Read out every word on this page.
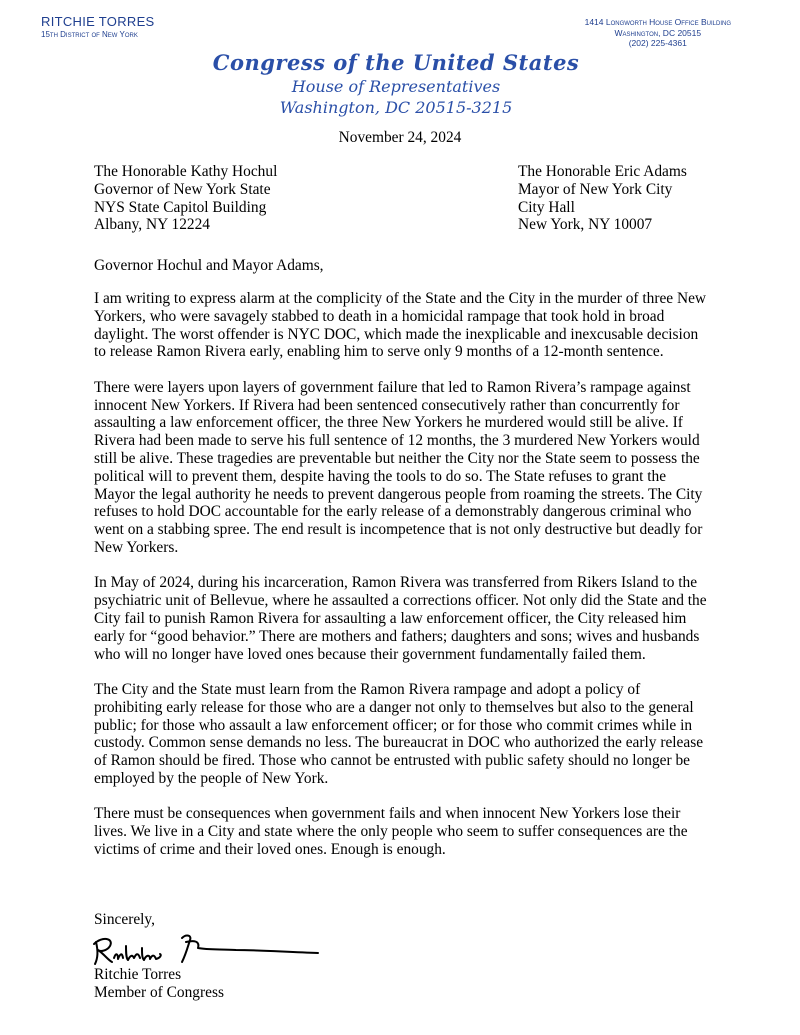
RITCHIE TORRES
15th District of New York
1414 Longworth House Office Building
Washington, DC 20515
(202) 225-4361
Congress of the United States
House of Representatives
Washington, DC 20515-3215
November 24, 2024
The Honorable Kathy Hochul
Governor of New York State
NYS State Capitol Building
Albany, NY 12224
The Honorable Eric Adams
Mayor of New York City
City Hall
New York, NY 10007
Governor Hochul and Mayor Adams,

I am writing to express alarm at the complicity of the State and the City in the murder of three New Yorkers, who were savagely stabbed to death in a homicidal rampage that took hold in broad daylight. The worst offender is NYC DOC, which made the inexplicable and inexcusable decision to release Ramon Rivera early, enabling him to serve only 9 months of a 12-month sentence.

There were layers upon layers of government failure that led to Ramon Rivera’s rampage against innocent New Yorkers. If Rivera had been sentenced consecutively rather than concurrently for assaulting a law enforcement officer, the three New Yorkers he murdered would still be alive. If Rivera had been made to serve his full sentence of 12 months, the 3 murdered New Yorkers would still be alive. These tragedies are preventable but neither the City nor the State seem to possess the political will to prevent them, despite having the tools to do so. The State refuses to grant the Mayor the legal authority he needs to prevent dangerous people from roaming the streets. The City refuses to hold DOC accountable for the early release of a demonstrably dangerous criminal who went on a stabbing spree. The end result is incompetence that is not only destructive but deadly for New Yorkers.

In May of 2024, during his incarceration, Ramon Rivera was transferred from Rikers Island to the psychiatric unit of Bellevue, where he assaulted a corrections officer. Not only did the State and the City fail to punish Ramon Rivera for assaulting a law enforcement officer, the City released him early for “good behavior.” There are mothers and fathers; daughters and sons; wives and husbands who will no longer have loved ones because their government fundamentally failed them.

The City and the State must learn from the Ramon Rivera rampage and adopt a policy of prohibiting early release for those who are a danger not only to themselves but also to the general public; for those who assault a law enforcement officer; or for those who commit crimes while in custody. Common sense demands no less. The bureaucrat in DOC who authorized the early release of Ramon should be fired. Those who cannot be entrusted with public safety should no longer be employed by the people of New York.

There must be consequences when government fails and when innocent New Yorkers lose their lives. We live in a City and state where the only people who seem to suffer consequences are the victims of crime and their loved ones. Enough is enough.

Sincerely,
Ritchie Torres
Member of Congress
